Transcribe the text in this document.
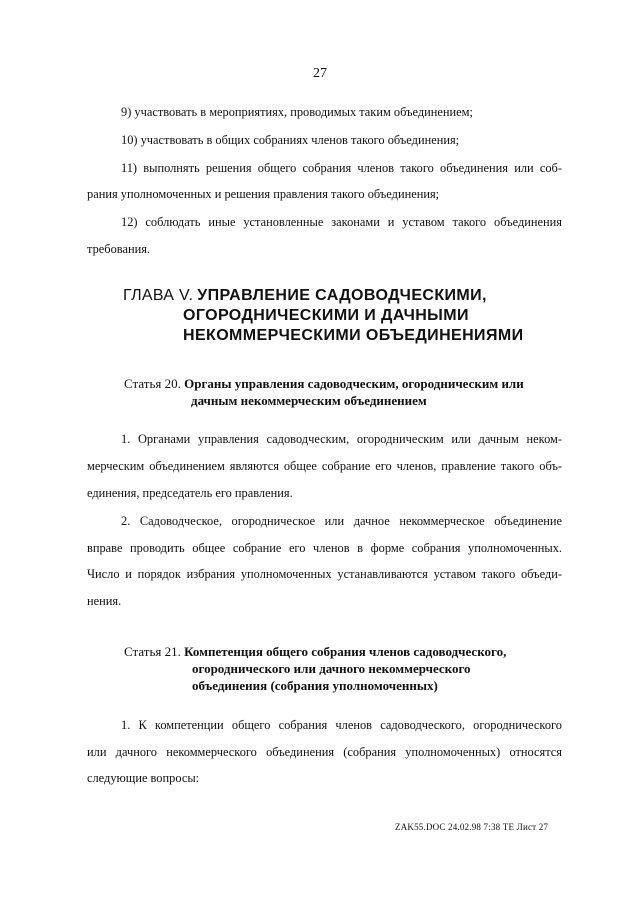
27
9) участвовать в мероприятиях, проводимых таким объединением;
10) участвовать в общих собраниях членов такого объединения;
11) выполнять решения общего собрания членов такого объединения или соб-
рания уполномоченных и решения правления такого объединения;
12) соблюдать иные установленные законами и уставом такого объединения
требования.
ГЛАВА V. УПРАВЛЕНИЕ САДОВОДЧЕСКИМИ,
ОГОРОДНИЧЕСКИМИ И ДАЧНЫМИ
НЕКОММЕРЧЕСКИМИ ОБЪЕДИНЕНИЯМИ
Статья 20. Органы управления садоводческим, огородническим или
дачным некоммерческим объединением
1. Органами управления садоводческим, огородническим или дачным неком-
мерческим объединением являются общее собрание его членов, правление такого объ-
единения, председатель его правления.
2. Садоводческое, огородническое или дачное некоммерческое объединение
вправе проводить общее собрание его членов в форме собрания уполномоченных.
Число и порядок избрания уполномоченных устанавливаются уставом такого объеди-
нения.
Статья 21. Компетенция общего собрания членов садоводческого,
огороднического или дачного некоммерческого
объединения (собрания уполномоченных)
1. К компетенции общего собрания членов садоводческого, огороднического
или дачного некоммерческого объединения (собрания уполномоченных) относятся
следующие вопросы:
ZAK55.DOC 24.02.98 7:38 ТЕ Лист 27
